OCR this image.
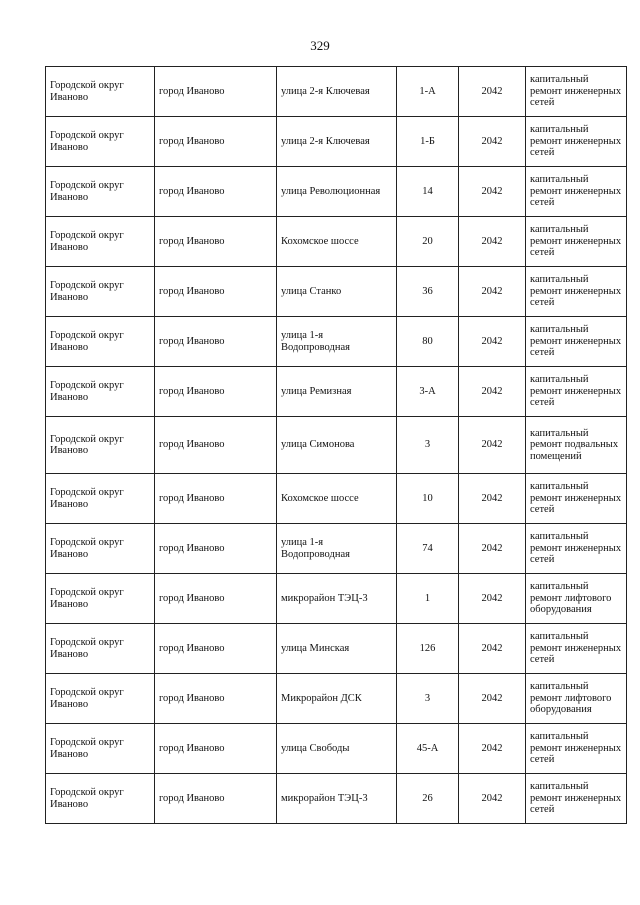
329
Городской округ Иваново	город Иваново	улица 2-я Ключевая	1-А	2042	капитальный ремонт инженерных сетей
Городской округ Иваново	город Иваново	улица 2-я Ключевая	1-Б	2042	капитальный ремонт инженерных сетей
Городской округ Иваново	город Иваново	улица Революционная	14	2042	капитальный ремонт инженерных сетей
Городской округ Иваново	город Иваново	Кохомское шоссе	20	2042	капитальный ремонт инженерных сетей
Городской округ Иваново	город Иваново	улица Станко	36	2042	капитальный ремонт инженерных сетей
Городской округ Иваново	город Иваново	улица 1-я Водопроводная	80	2042	капитальный ремонт инженерных сетей
Городской округ Иваново	город Иваново	улица Ремизная	3-А	2042	капитальный ремонт инженерных сетей
Городской округ Иваново	город Иваново	улица Симонова	3	2042	капитальный ремонт подвальных помещений
Городской округ Иваново	город Иваново	Кохомское шоссе	10	2042	капитальный ремонт инженерных сетей
Городской округ Иваново	город Иваново	улица 1-я Водопроводная	74	2042	капитальный ремонт инженерных сетей
Городской округ Иваново	город Иваново	микрорайон ТЭЦ-3	1	2042	капитальный ремонт лифтового оборудования
Городской округ Иваново	город Иваново	улица Минская	126	2042	капитальный ремонт инженерных сетей
Городской округ Иваново	город Иваново	Микрорайон ДСК	3	2042	капитальный ремонт лифтового оборудования
Городской округ Иваново	город Иваново	улица Свободы	45-А	2042	капитальный ремонт инженерных сетей
Городской округ Иваново	город Иваново	микрорайон ТЭЦ-3	26	2042	капитальный ремонт инженерных сетей
